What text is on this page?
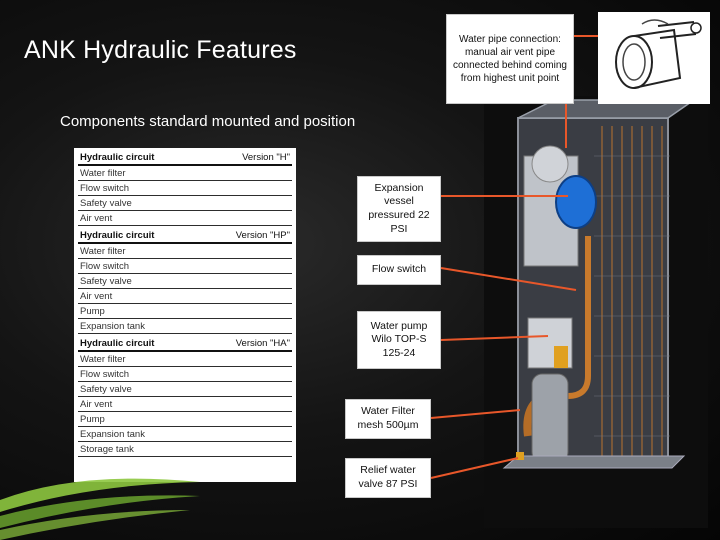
ANK Hydraulic Features
Components standard mounted and position
Hydraulic circuit	Version "H"
Water filter
Flow switch
Safety valve
Air vent
Hydraulic circuit	Version "HP"
Water filter
Flow switch
Safety valve
Air vent
Pump
Expansion tank
Hydraulic circuit	Version "HA"
Water filter
Flow switch
Safety valve
Air vent
Pump
Expansion tank
Storage tank
Water pipe connection: manual air vent pipe connected behind coming from highest unit point
Expansion vessel pressured 22 PSI
Flow switch
Water pump Wilo TOP-S 125-24
Water Filter mesh 500µm
Relief water valve 87 PSI
